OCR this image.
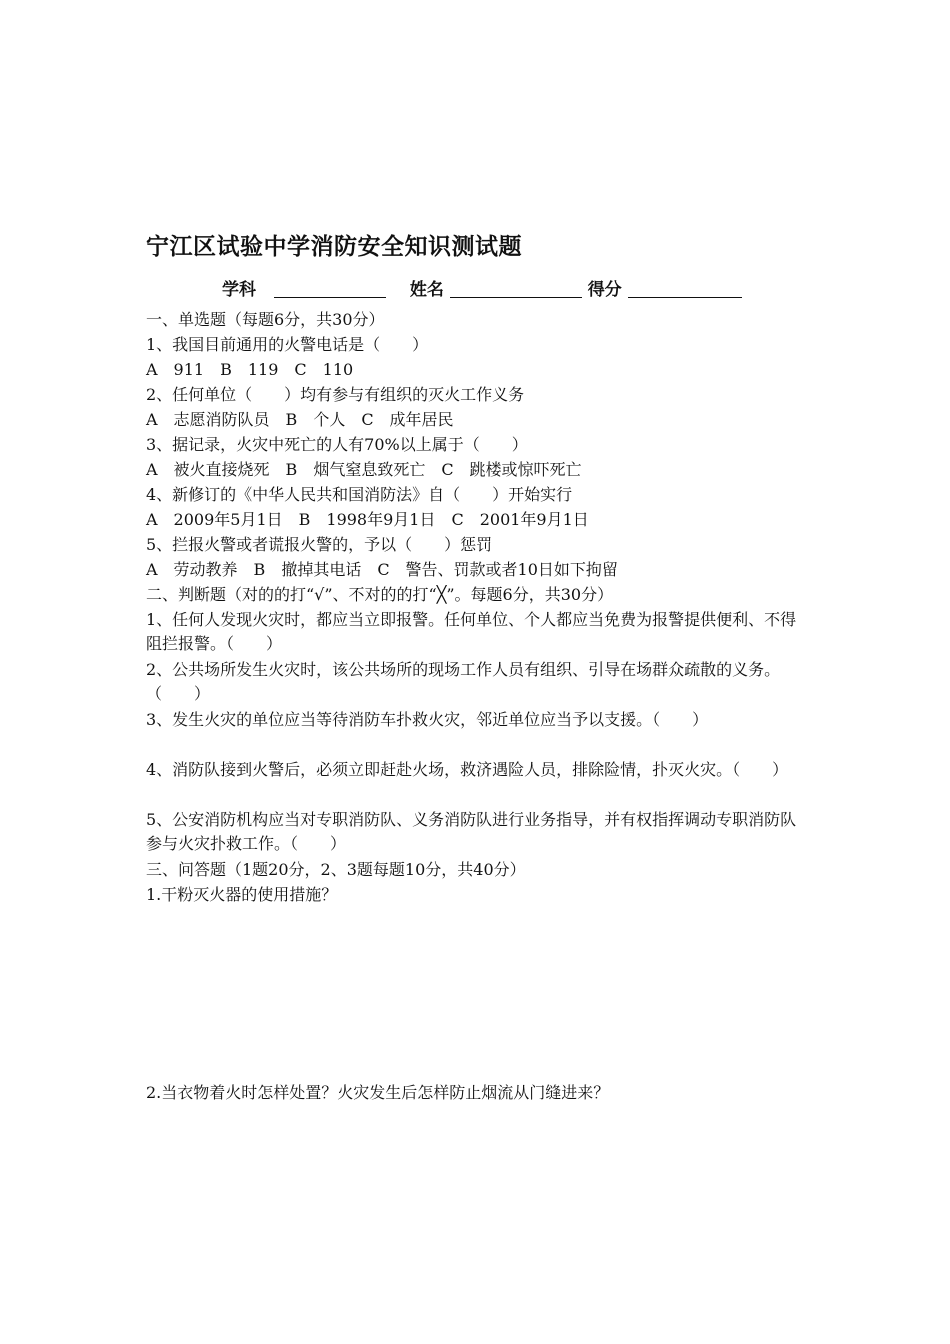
宁江区试验中学消防安全知识测试题
学科	姓名	得分
一、单选题（每题6分，共30分）
1、我国目前通用的火警电话是（　　）
A　911　B　119　C　110
2、任何单位（　　）均有参与有组织的灭火工作义务
A　志愿消防队员　B　个人　C　成年居民
3、据记录，火灾中死亡的人有70%以上属于（　　）
A　被火直接烧死　B　烟气窒息致死亡　C　跳楼或惊吓死亡
4、新修订的《中华人民共和国消防法》自（　　）开始实行
A　2009年5月1日　B　1998年9月1日　C　2001年9月1日
5、拦报火警或者谎报火警的，予以（　　）惩罚
A　劳动教养　B　撤掉其电话　C　警告、罚款或者10日如下拘留
二、判断题（对的的打“√”、不对的的打“╳”。每题6分，共30分）
1、任何人发现火灾时，都应当立即报警。任何单位、个人都应当免费为报警提供便利、不得阻拦报警。（　　）
2、公共场所发生火灾时，该公共场所的现场工作人员有组织、引导在场群众疏散的义务。（　　）
3、发生火灾的单位应当等待消防车扑救火灾，邻近单位应当予以支援。（　　）
4、消防队接到火警后，必须立即赶赴火场，救济遇险人员，排除险情，扑灭火灾。（　　）
5、公安消防机构应当对专职消防队、义务消防队进行业务指导，并有权指挥调动专职消防队参与火灾扑救工作。（　　）
三、问答题（1题20分，2、3题每题10分，共40分）
1.干粉灭火器的使用措施？
2.当衣物着火时怎样处置？火灾发生后怎样防止烟流从门缝进来？
